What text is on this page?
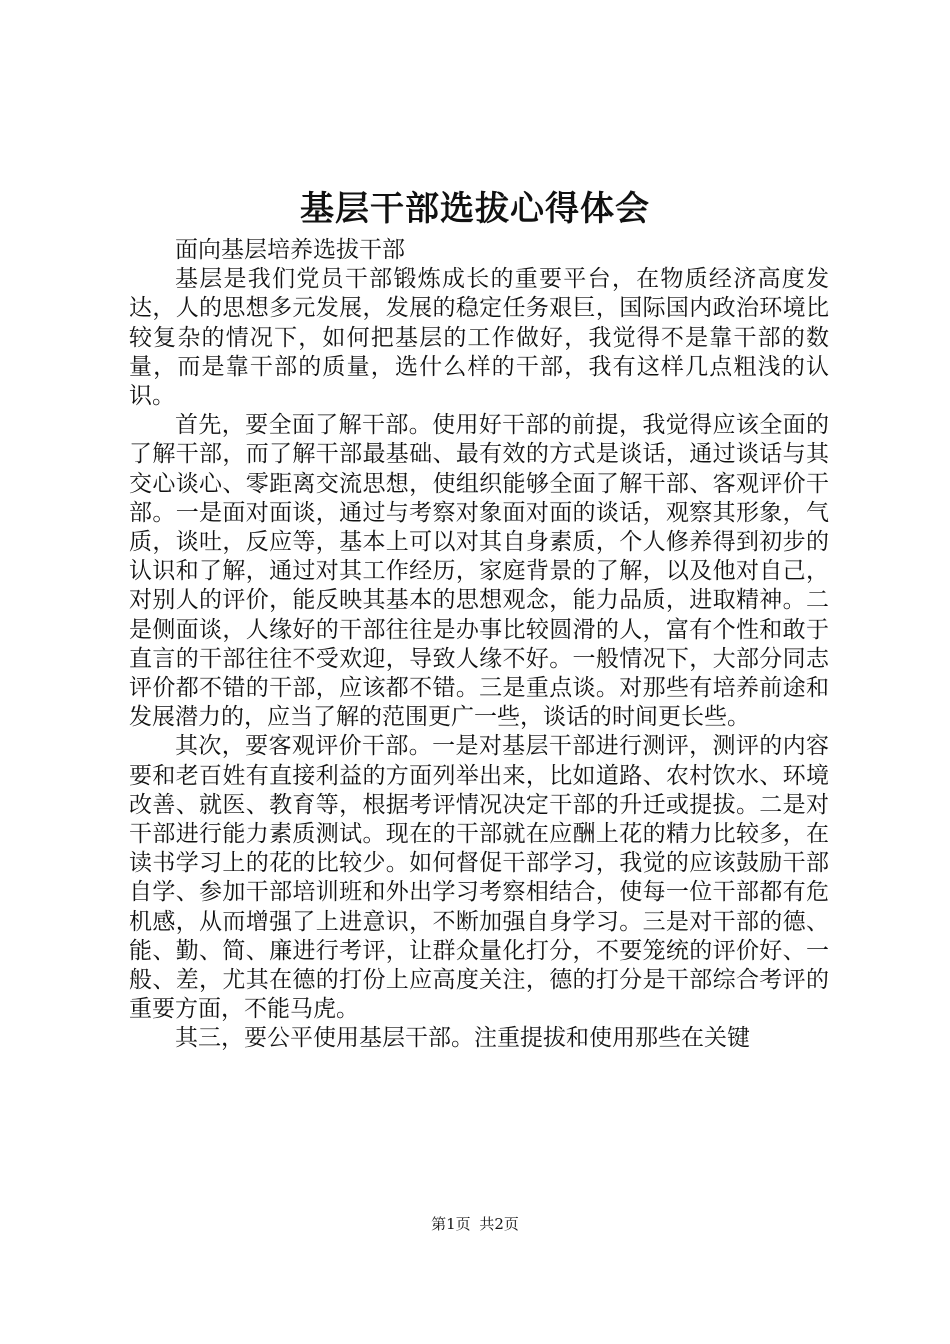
基层干部选拔心得体会

面向基层培养选拔干部

基层是我们党员干部锻炼成长的重要平台，在物质经济高度发达，人的思想多元发展，发展的稳定任务艰巨，国际国内政治环境比较复杂的情况下，如何把基层的工作做好，我觉得不是靠干部的数量，而是靠干部的质量，选什么样的干部，我有这样几点粗浅的认识。

首先，要全面了解干部。使用好干部的前提，我觉得应该全面的了解干部，而了解干部最基础、最有效的方式是谈话，通过谈话与其交心谈心、零距离交流思想，使组织能够全面了解干部、客观评价干部。一是面对面谈，通过与考察对象面对面的谈话，观察其形象，气质，谈吐，反应等，基本上可以对其自身素质，个人修养得到初步的认识和了解，通过对其工作经历，家庭背景的了解，以及他对自己，对别人的评价，能反映其基本的思想观念，能力品质，进取精神。二是侧面谈，人缘好的干部往往是办事比较圆滑的人，富有个性和敢于直言的干部往往不受欢迎，导致人缘不好。一般情况下，大部分同志评价都不错的干部，应该都不错。三是重点谈。对那些有培养前途和发展潜力的，应当了解的范围更广一些，谈话的时间更长些。

其次，要客观评价干部。一是对基层干部进行测评，测评的内容要和老百姓有直接利益的方面列举出来，比如道路、农村饮水、环境改善、就医、教育等，根据考评情况决定干部的升迁或提拔。二是对干部进行能力素质测试。现在的干部就在应酬上花的精力比较多，在读书学习上的花的比较少。如何督促干部学习，我觉的应该鼓励干部自学、参加干部培训班和外出学习考察相结合，使每一位干部都有危机感，从而增强了上进意识，不断加强自身学习。三是对干部的德、能、勤、简、廉进行考评，让群众量化打分，不要笼统的评价好、一般、差，尤其在德的打份上应高度关注，德的打分是干部综合考评的重要方面，不能马虎。

其三，要公平使用基层干部。注重提拔和使用那些在关键

第1页 共2页
